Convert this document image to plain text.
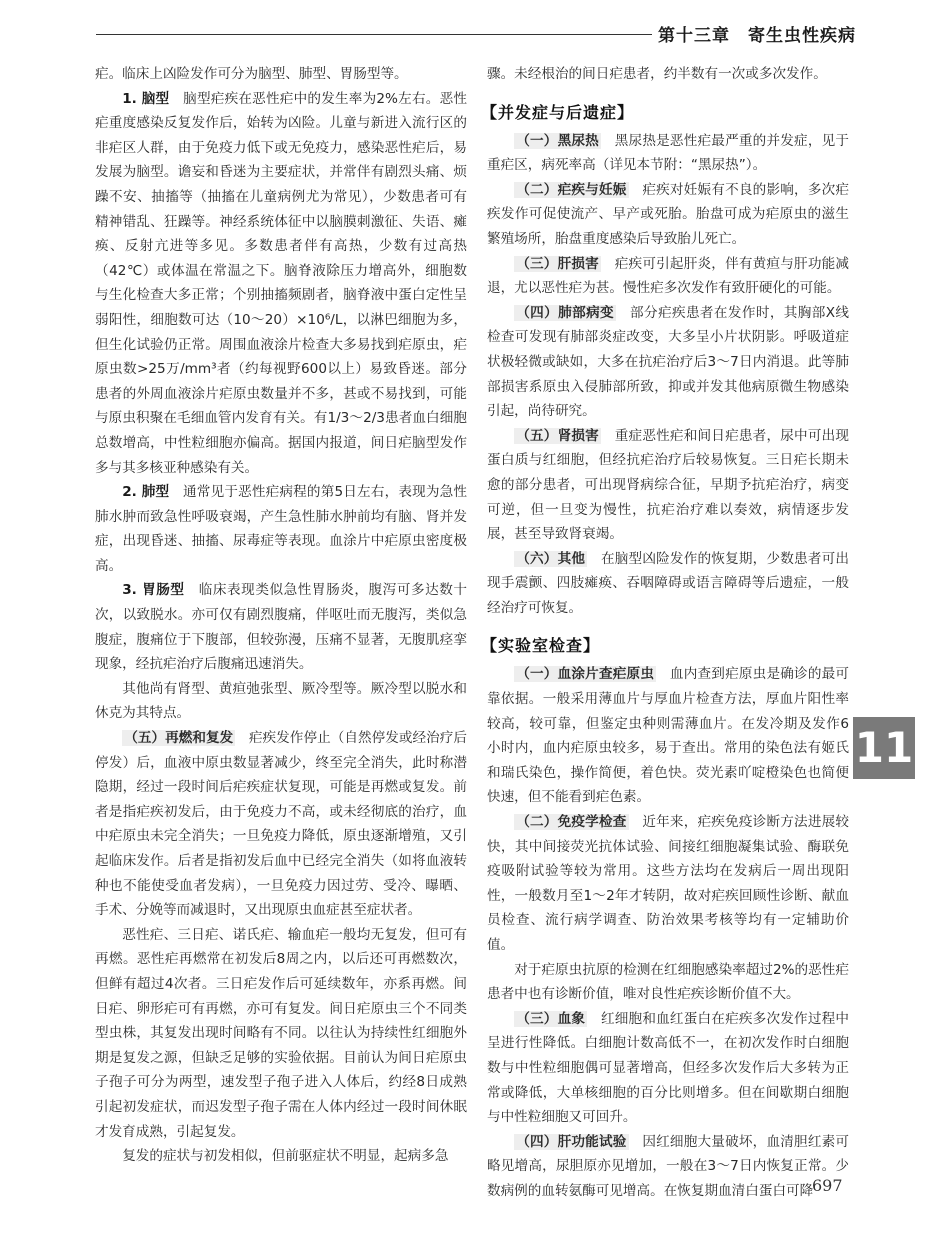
第十三章　寄生虫性疾病

疟。临床上凶险发作可分为脑型、肺型、胃肠型等。

1. 脑型　 脑型疟疾在恶性疟中的发生率为2%左右。恶性疟重度感染反复发作后，始转为凶险。儿童与新进入流行区的非疟区人群，由于免疫力低下或无免疫力，感染恶性疟后，易发展为脑型。谵妄和昏迷为主要症状，并常伴有剧烈头痛、烦躁不安、抽搐等（抽搐在儿童病例尤为常见），少数患者可有精神错乱、狂躁等。神经系统体征中以脑膜刺激征、失语、瘫痪、反射亢进等多见。多数患者伴有高热，少数有过高热（42℃）或体温在常温之下。脑脊液除压力增高外，细胞数与生化检查大多正常；个别抽搐频剧者，脑脊液中蛋白定性呈弱阳性，细胞数可达（10～20）×10⁶/L，以淋巴细胞为多，但生化试验仍正常。周围血液涂片检查大多易找到疟原虫，疟原虫数>25万/mm³者（约每视野600以上）易致昏迷。部分患者的外周血液涂片疟原虫数量并不多，甚或不易找到，可能与原虫积聚在毛细血管内发育有关。有1/3～2/3患者血白细胞总数增高，中性粒细胞亦偏高。据国内报道，间日疟脑型发作多与其多核亚种感染有关。

2. 肺型　 通常见于恶性疟病程的第5日左右，表现为急性肺水肿而致急性呼吸衰竭，产生急性肺水肿前均有脑、肾并发症，出现昏迷、抽搐、尿毒症等表现。血涂片中疟原虫密度极高。

3. 胃肠型　 临床表现类似急性胃肠炎，腹泻可多达数十次，以致脱水。亦可仅有剧烈腹痛，伴呕吐而无腹泻，类似急腹症，腹痛位于下腹部，但较弥漫，压痛不显著，无腹肌痉挛现象，经抗疟治疗后腹痛迅速消失。

其他尚有肾型、黄疸弛张型、厥冷型等。厥冷型以脱水和休克为其特点。

（五）再燃和复发　 疟疾发作停止（自然停发或经治疗后停发）后，血液中原虫数显著减少，终至完全消失，此时称潜隐期，经过一段时间后疟疾症状复现，可能是再燃或复发。前者是指疟疾初发后，由于免疫力不高，或未经彻底的治疗，血中疟原虫未完全消失；一旦免疫力降低，原虫逐渐增殖，又引起临床发作。后者是指初发后血中已经完全消失（如将血液转种也不能使受血者发病），一旦免疫力因过劳、受冷、曝晒、手术、分娩等而减退时，又出现原虫血症甚至症状者。

恶性疟、三日疟、诺氏疟、输血疟一般均无复发，但可有再燃。恶性疟再燃常在初发后8周之内，以后还可再燃数次，但鲜有超过4次者。三日疟发作后可延续数年，亦系再燃。间日疟、卵形疟可有再燃，亦可有复发。间日疟原虫三个不同类型虫株，其复发出现时间略有不同。以往认为持续性红细胞外期是复发之源，但缺乏足够的实验依据。目前认为间日疟原虫子孢子可分为两型，速发型子孢子进入人体后，约经8日成熟引起初发症状，而迟发型子孢子需在人体内经过一段时间休眠才发育成熟，引起复发。

复发的症状与初发相似，但前驱症状不明显，起病多急

骤。未经根治的间日疟患者，约半数有一次或多次发作。

【并发症与后遗症】

（一）黑尿热　 黑尿热是恶性疟最严重的并发症，见于重疟区，病死率高（详见本节附：“黑尿热”）。

（二）疟疾与妊娠　 疟疾对妊娠有不良的影响，多次疟疾发作可促使流产、早产或死胎。胎盘可成为疟原虫的滋生繁殖场所，胎盘重度感染后导致胎儿死亡。

（三）肝损害　 疟疾可引起肝炎，伴有黄疸与肝功能减退，尤以恶性疟为甚。慢性疟多次发作有致肝硬化的可能。

（四）肺部病变　 部分疟疾患者在发作时，其胸部X线检查可发现有肺部炎症改变，大多呈小片状阴影。呼吸道症状极轻微或缺如，大多在抗疟治疗后3～7日内消退。此等肺部损害系原虫入侵肺部所致，抑或并发其他病原微生物感染引起，尚待研究。

（五）肾损害　 重症恶性疟和间日疟患者，尿中可出现蛋白质与红细胞，但经抗疟治疗后较易恢复。三日疟长期未愈的部分患者，可出现肾病综合征，早期予抗疟治疗，病变可逆，但一旦变为慢性，抗疟治疗难以奏效，病情逐步发展，甚至导致肾衰竭。

（六）其他　 在脑型凶险发作的恢复期，少数患者可出现手震颤、四肢瘫痪、吞咽障碍或语言障碍等后遗症，一般经治疗可恢复。

【实验室检查】

（一）血涂片查疟原虫　 血内查到疟原虫是确诊的最可靠依据。一般采用薄血片与厚血片检查方法，厚血片阳性率较高，较可靠，但鉴定虫种则需薄血片。在发冷期及发作6小时内，血内疟原虫较多，易于查出。常用的染色法有姬氏和瑞氏染色，操作简便，着色快。荧光素吖啶橙染色也简便快速，但不能看到疟色素。

（二）免疫学检查　 近年来，疟疾免疫诊断方法进展较快，其中间接荧光抗体试验、间接红细胞凝集试验、酶联免疫吸附试验等较为常用。这些方法均在发病后一周出现阳性，一般数月至1～2年才转阴，故对疟疾回顾性诊断、献血员检查、流行病学调查、防治效果考核等均有一定辅助价值。

对于疟原虫抗原的检测在红细胞感染率超过2%的恶性疟患者中也有诊断价值，唯对良性疟疾诊断价值不大。

（三）血象　 红细胞和血红蛋白在疟疾多次发作过程中呈进行性降低。白细胞计数高低不一，在初次发作时白细胞数与中性粒细胞偶可显著增高，但经多次发作后大多转为正常或降低，大单核细胞的百分比则增多。但在间歇期白细胞与中性粒细胞又可回升。

（四）肝功能试验　 因红细胞大量破坏，血清胆红素可略见增高，尿胆原亦见增加，一般在3～7日内恢复正常。少数病例的血转氨酶可见增高。在恢复期血清白蛋白可降

11
697
